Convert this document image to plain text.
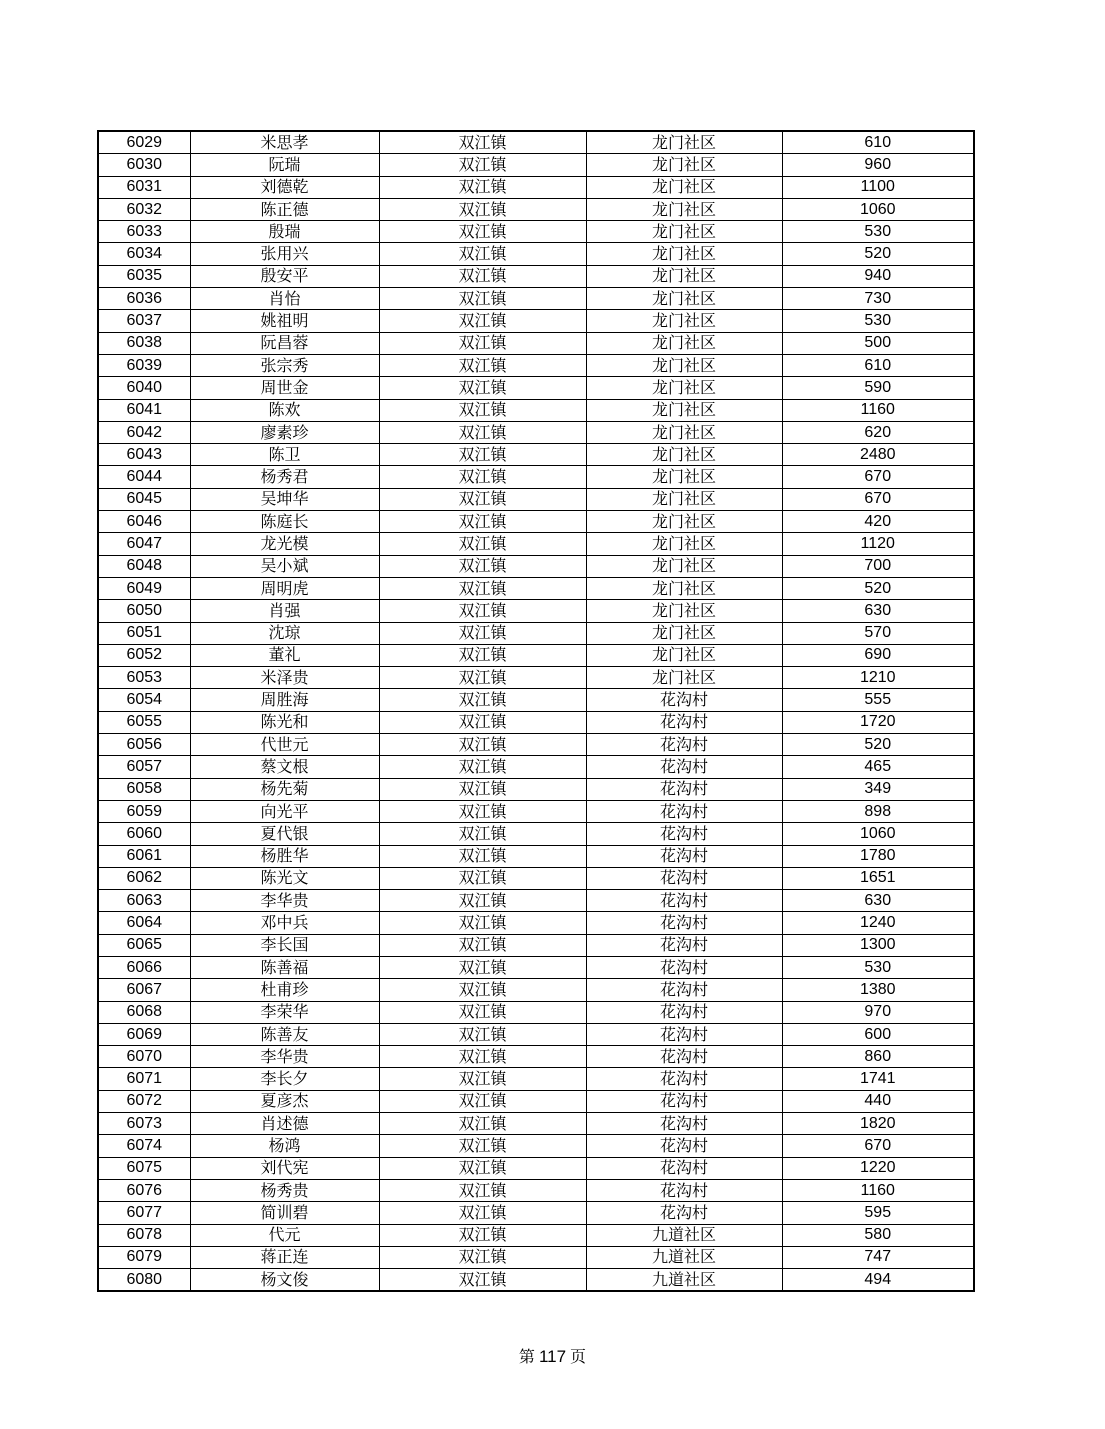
6029	米思孝	双江镇	龙门社区	610
6030	阮瑞	双江镇	龙门社区	960
6031	刘德乾	双江镇	龙门社区	1100
6032	陈正德	双江镇	龙门社区	1060
6033	殷瑞	双江镇	龙门社区	530
6034	张用兴	双江镇	龙门社区	520
6035	殷安平	双江镇	龙门社区	940
6036	肖怡	双江镇	龙门社区	730
6037	姚祖明	双江镇	龙门社区	530
6038	阮昌蓉	双江镇	龙门社区	500
6039	张宗秀	双江镇	龙门社区	610
6040	周世金	双江镇	龙门社区	590
6041	陈欢	双江镇	龙门社区	1160
6042	廖素珍	双江镇	龙门社区	620
6043	陈卫	双江镇	龙门社区	2480
6044	杨秀君	双江镇	龙门社区	670
6045	吴坤华	双江镇	龙门社区	670
6046	陈庭长	双江镇	龙门社区	420
6047	龙光模	双江镇	龙门社区	1120
6048	吴小斌	双江镇	龙门社区	700
6049	周明虎	双江镇	龙门社区	520
6050	肖强	双江镇	龙门社区	630
6051	沈琼	双江镇	龙门社区	570
6052	董礼	双江镇	龙门社区	690
6053	米泽贵	双江镇	龙门社区	1210
6054	周胜海	双江镇	花沟村	555
6055	陈光和	双江镇	花沟村	1720
6056	代世元	双江镇	花沟村	520
6057	蔡文根	双江镇	花沟村	465
6058	杨先菊	双江镇	花沟村	349
6059	向光平	双江镇	花沟村	898
6060	夏代银	双江镇	花沟村	1060
6061	杨胜华	双江镇	花沟村	1780
6062	陈光文	双江镇	花沟村	1651
6063	李华贵	双江镇	花沟村	630
6064	邓中兵	双江镇	花沟村	1240
6065	李长国	双江镇	花沟村	1300
6066	陈善福	双江镇	花沟村	530
6067	杜甫珍	双江镇	花沟村	1380
6068	李荣华	双江镇	花沟村	970
6069	陈善友	双江镇	花沟村	600
6070	李华贵	双江镇	花沟村	860
6071	李长夕	双江镇	花沟村	1741
6072	夏彦杰	双江镇	花沟村	440
6073	肖述德	双江镇	花沟村	1820
6074	杨鸿	双江镇	花沟村	670
6075	刘代宪	双江镇	花沟村	1220
6076	杨秀贵	双江镇	花沟村	1160
6077	简训碧	双江镇	花沟村	595
6078	代元	双江镇	九道社区	580
6079	蒋正连	双江镇	九道社区	747
6080	杨文俊	双江镇	九道社区	494
第 117 页
